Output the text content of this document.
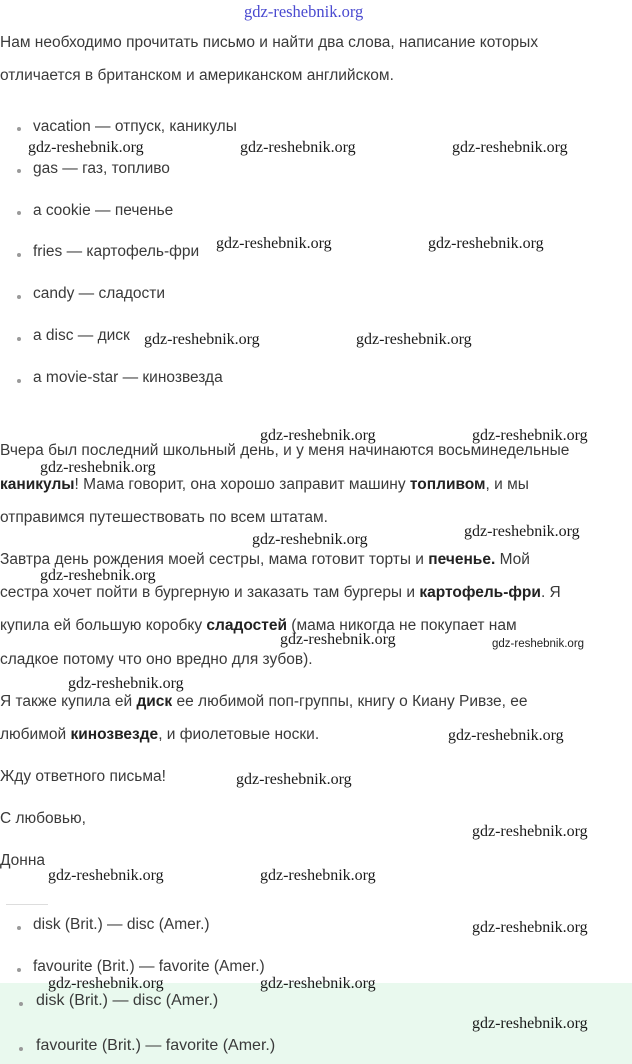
gdz-reshebnik.org
Нам необходимо прочитать письмо и найти два слова, написание которых
отличается в британском и американском английском.
vacation — отпуск, каникулы
gas — газ, топливо
a cookie — печенье
fries — картофель-фри
candy — сладости
a disc — диск
a movie-star — кинозвезда
Вчера был последний школьный день, и у меня начинаются восьминедельные
каникулы! Мама говорит, она хорошо заправит машину топливом, и мы
отправимся путешествовать по всем штатам.
Завтра день рождения моей сестры, мама готовит торты и печенье. Мой
сестра хочет пойти в бургерную и заказать там бургеры и картофель-фри. Я
купила ей большую коробку сладостей (мама никогда не покупает нам
сладкое потому что оно вредно для зубов).
Я также купила ей диск ее любимой поп-группы, книгу о Киану Ривзе, ее
любимой кинозвезде, и фиолетовые носки.
Жду ответного письма!
С любовью,
Донна
disk (Brit.) — disc (Amer.)
favourite (Brit.) — favorite (Amer.)
disk (Brit.) — disc (Amer.)
favourite (Brit.) — favorite (Amer.)
gdz-reshebnik.org	gdz-reshebnik.org	gdz-reshebnik.org
gdz-reshebnik.org	gdz-reshebnik.org
gdz-reshebnik.org	gdz-reshebnik.org
gdz-reshebnik.org	gdz-reshebnik.org
gdz-reshebnik.org
gdz-reshebnik.org	gdz-reshebnik.org
gdz-reshebnik.org
gdz-reshebnik.org	gdz-reshebnik.org
gdz-reshebnik.org
gdz-reshebnik.org
gdz-reshebnik.org
gdz-reshebnik.org
gdz-reshebnik.org	gdz-reshebnik.org
gdz-reshebnik.org
gdz-reshebnik.org	gdz-reshebnik.org
gdz-reshebnik.org
